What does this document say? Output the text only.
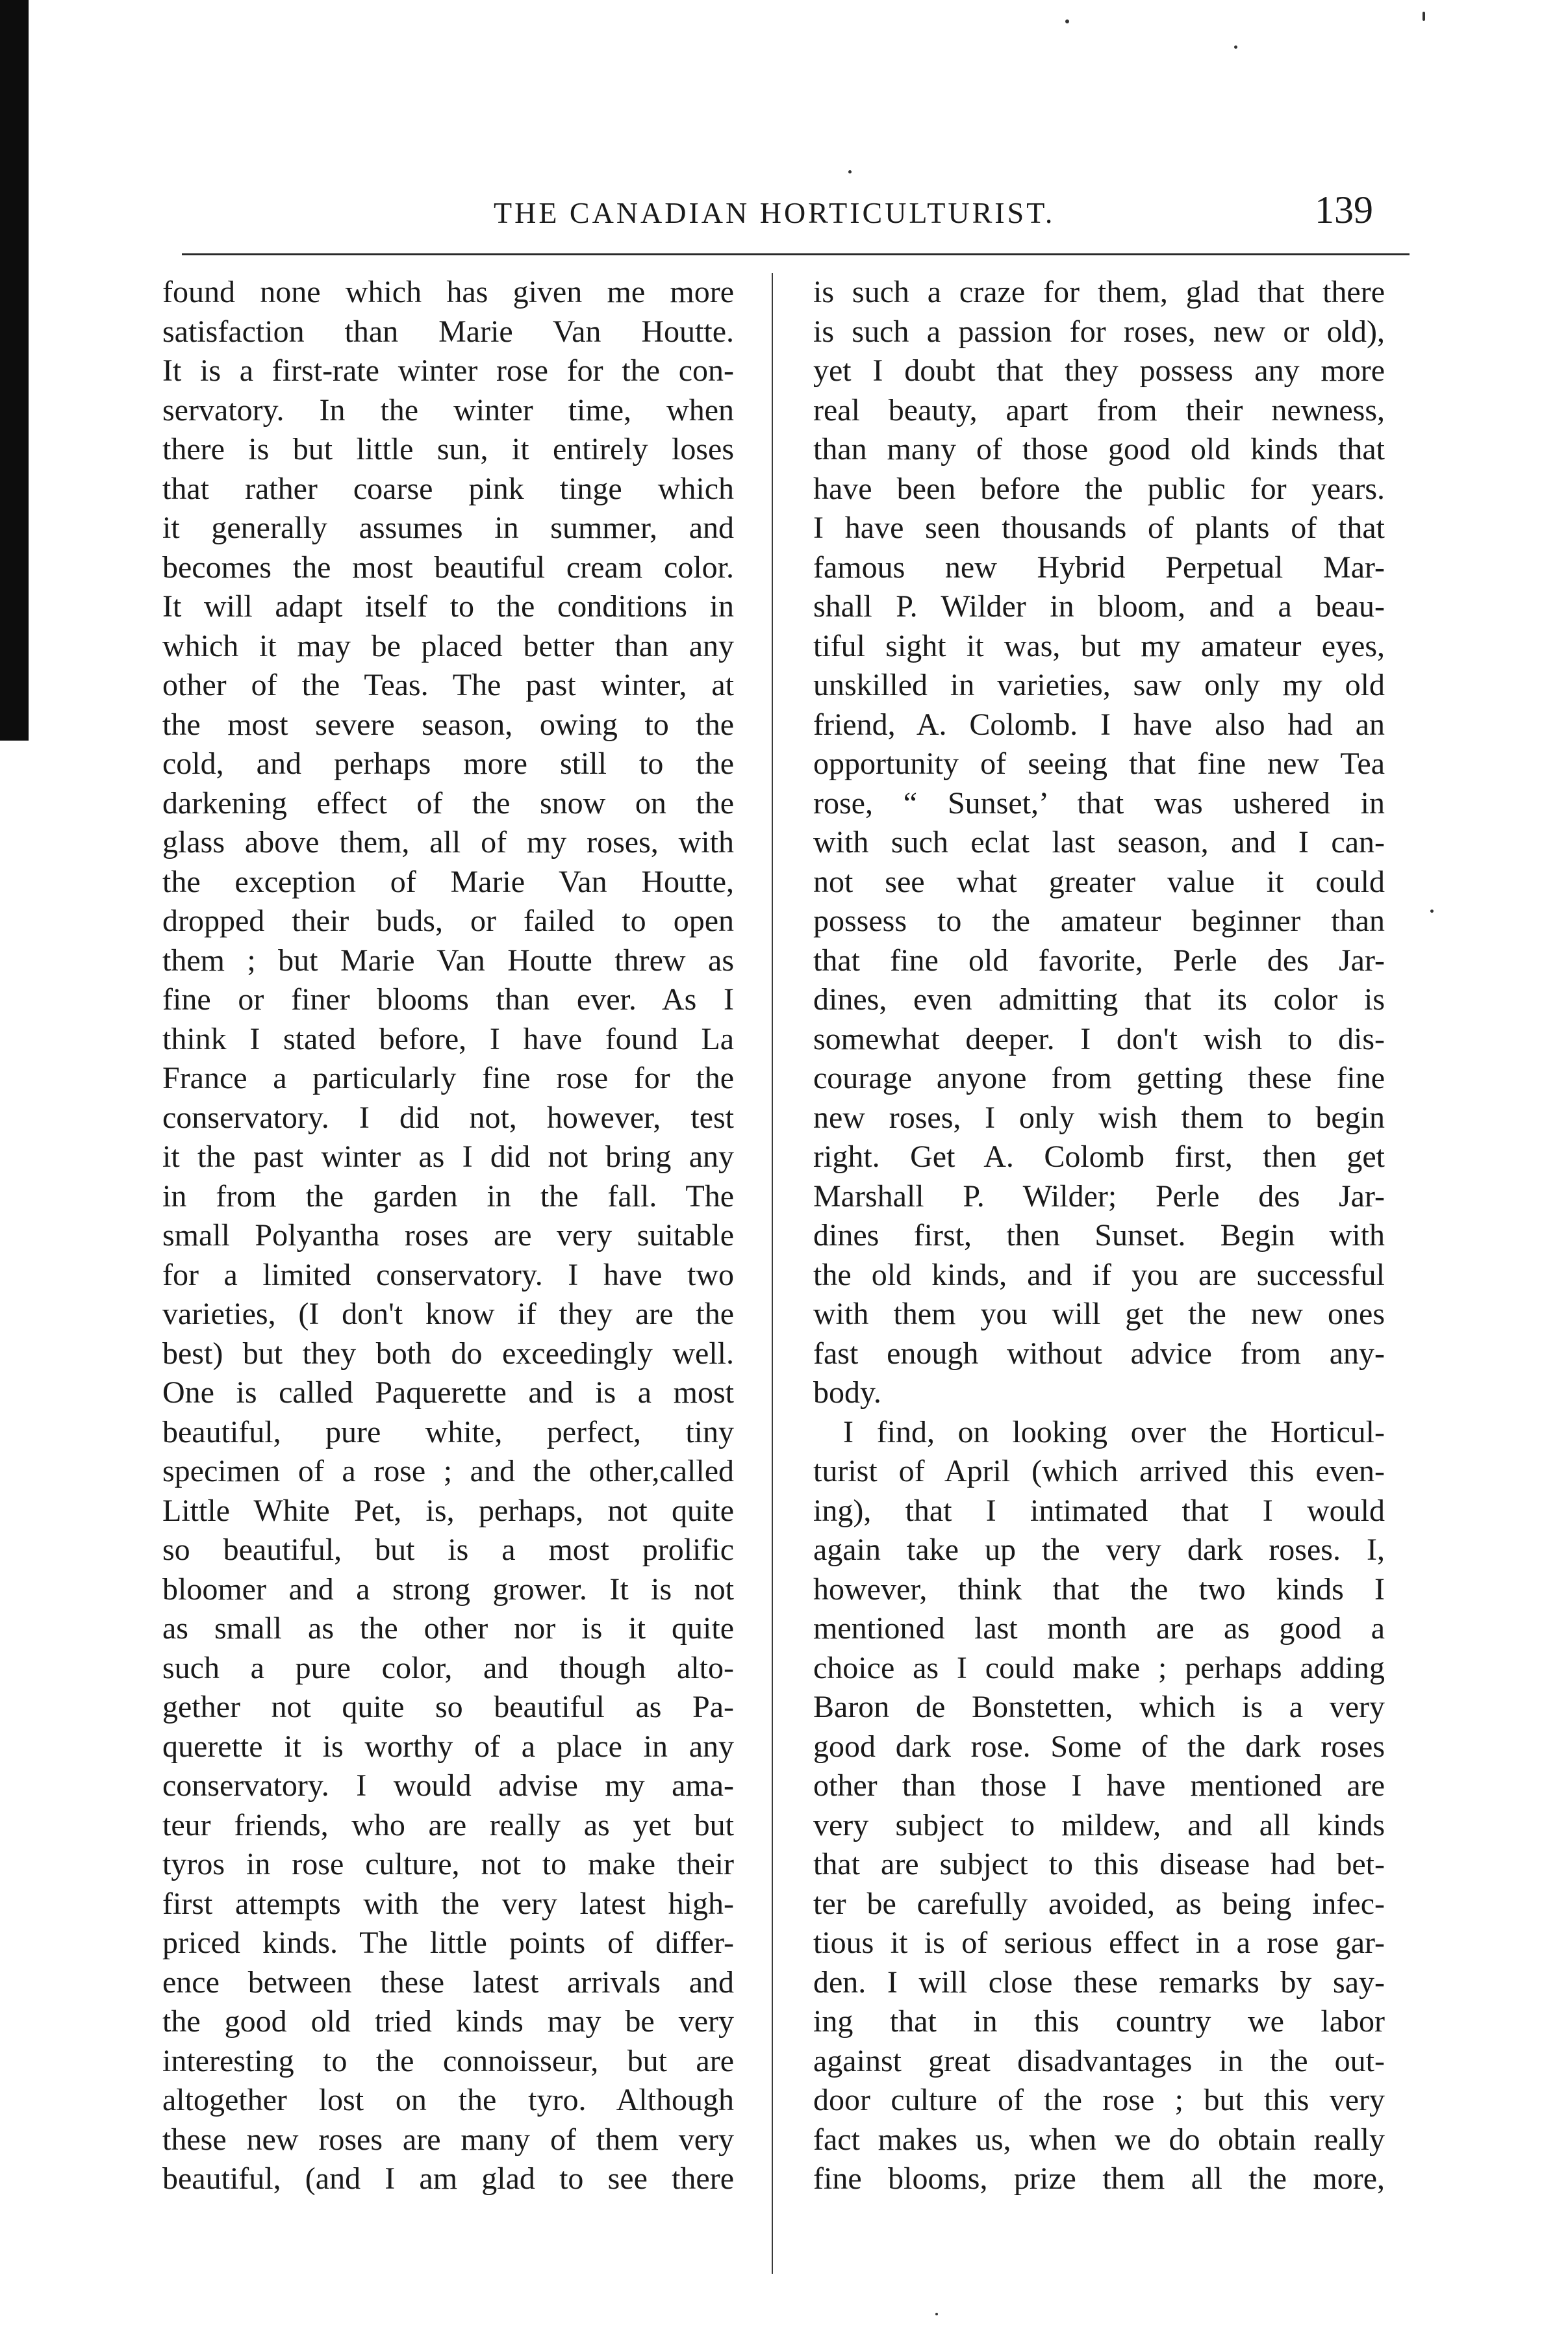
THE CANADIAN HORTICULTURIST.	139
found none which has given me more
satisfaction than Marie Van Houtte.
It is a first-rate winter rose for the con-
servatory. In the winter time, when
there is but little sun, it entirely loses
that rather coarse pink tinge which
it generally assumes in summer, and
becomes the most beautiful cream color.
It will adapt itself to the conditions in
which it may be placed better than any
other of the Teas. The past winter, at
the most severe season, owing to the
cold, and perhaps more still to the
darkening effect of the snow on the
glass above them, all of my roses, with
the exception of Marie Van Houtte,
dropped their buds, or failed to open
them ; but Marie Van Houtte threw as
fine or finer blooms than ever. As I
think I stated before, I have found La
France a particularly fine rose for the
conservatory. I did not, however, test
it the past winter as I did not bring any
in from the garden in the fall. The
small Polyantha roses are very suitable
for a limited conservatory. I have two
varieties, (I don't know if they are the
best) but they both do exceedingly well.
One is called Paquerette and is a most
beautiful, pure white, perfect, tiny
specimen of a rose ; and the other,called
Little White Pet, is, perhaps, not quite
so beautiful, but is a most prolific
bloomer and a strong grower. It is not
as small as the other nor is it quite
such a pure color, and though alto-
gether not quite so beautiful as Pa-
querette it is worthy of a place in any
conservatory. I would advise my ama-
teur friends, who are really as yet but
tyros in rose culture, not to make their
first attempts with the very latest high-
priced kinds. The little points of differ-
ence between these latest arrivals and
the good old tried kinds may be very
interesting to the connoisseur, but are
altogether lost on the tyro. Although
these new roses are many of them very
beautiful, (and I am glad to see there
is such a craze for them, glad that there
is such a passion for roses, new or old),
yet I doubt that they possess any more
real beauty, apart from their newness,
than many of those good old kinds that
have been before the public for years.
I have seen thousands of plants of that
famous new Hybrid Perpetual Mar-
shall P. Wilder in bloom, and a beau-
tiful sight it was, but my amateur eyes,
unskilled in varieties, saw only my old
friend, A. Colomb. I have also had an
opportunity of seeing that fine new Tea
rose, “ Sunset,’ that was ushered in
with such eclat last season, and I can-
not see what greater value it could
possess to the amateur beginner than
that fine old favorite, Perle des Jar-
dines, even admitting that its color is
somewhat deeper. I don't wish to dis-
courage anyone from getting these fine
new roses, I only wish them to begin
right. Get A. Colomb first, then get
Marshall P. Wilder; Perle des Jar-
dines first, then Sunset. Begin with
the old kinds, and if you are successful
with them you will get the new ones
fast enough without advice from any-
body.
I find, on looking over the Horticul-
turist of April (which arrived this even-
ing), that I intimated that I would
again take up the very dark roses. I,
however, think that the two kinds I
mentioned last month are as good a
choice as I could make ; perhaps adding
Baron de Bonstetten, which is a very
good dark rose. Some of the dark roses
other than those I have mentioned are
very subject to mildew, and all kinds
that are subject to this disease had bet-
ter be carefully avoided, as being infec-
tious it is of serious effect in a rose gar-
den. I will close these remarks by say-
ing that in this country we labor
against great disadvantages in the out-
door culture of the rose ; but this very
fact makes us, when we do obtain really
fine blooms, prize them all the more,
